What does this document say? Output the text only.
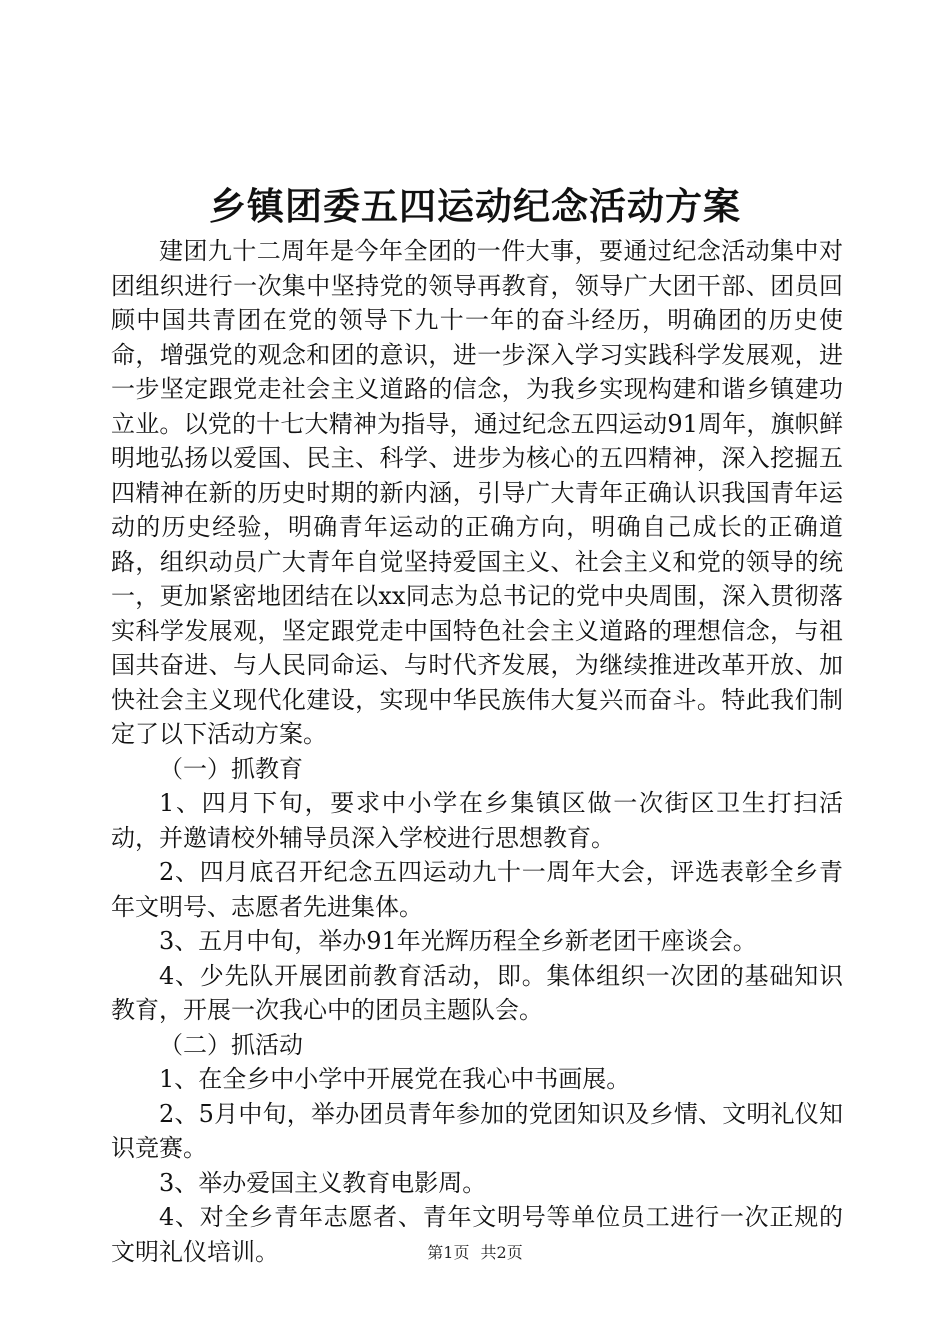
乡镇团委五四运动纪念活动方案

建团九十二周年是今年全团的一件大事，要通过纪念活动集中对团组织进行一次集中坚持党的领导再教育，领导广大团干部、团员回顾中国共青团在党的领导下九十一年的奋斗经历，明确团的历史使命，增强党的观念和团的意识，进一步深入学习实践科学发展观，进一步坚定跟党走社会主义道路的信念，为我乡实现构建和谐乡镇建功立业。以党的十七大精神为指导，通过纪念五四运动91周年，旗帜鲜明地弘扬以爱国、民主、科学、进步为核心的五四精神，深入挖掘五四精神在新的历史时期的新内涵，引导广大青年正确认识我国青年运动的历史经验，明确青年运动的正确方向，明确自己成长的正确道路，组织动员广大青年自觉坚持爱国主义、社会主义和党的领导的统一，更加紧密地团结在以xx同志为总书记的党中央周围，深入贯彻落实科学发展观，坚定跟党走中国特色社会主义道路的理想信念，与祖国共奋进、与人民同命运、与时代齐发展，为继续推进改革开放、加快社会主义现代化建设，实现中华民族伟大复兴而奋斗。特此我们制定了以下活动方案。

（一）抓教育

1、四月下旬，要求中小学在乡集镇区做一次街区卫生打扫活动，并邀请校外辅导员深入学校进行思想教育。

2、四月底召开纪念五四运动九十一周年大会，评选表彰全乡青年文明号、志愿者先进集体。

3、五月中旬，举办91年光辉历程全乡新老团干座谈会。

4、少先队开展团前教育活动，即。集体组织一次团的基础知识教育，开展一次我心中的团员主题队会。

（二）抓活动

1、在全乡中小学中开展党在我心中书画展。

2、5月中旬，举办团员青年参加的党团知识及乡情、文明礼仪知识竞赛。

3、举办爱国主义教育电影周。

4、对全乡青年志愿者、青年文明号等单位员工进行一次正规的文明礼仪培训。	第1页 共2页
